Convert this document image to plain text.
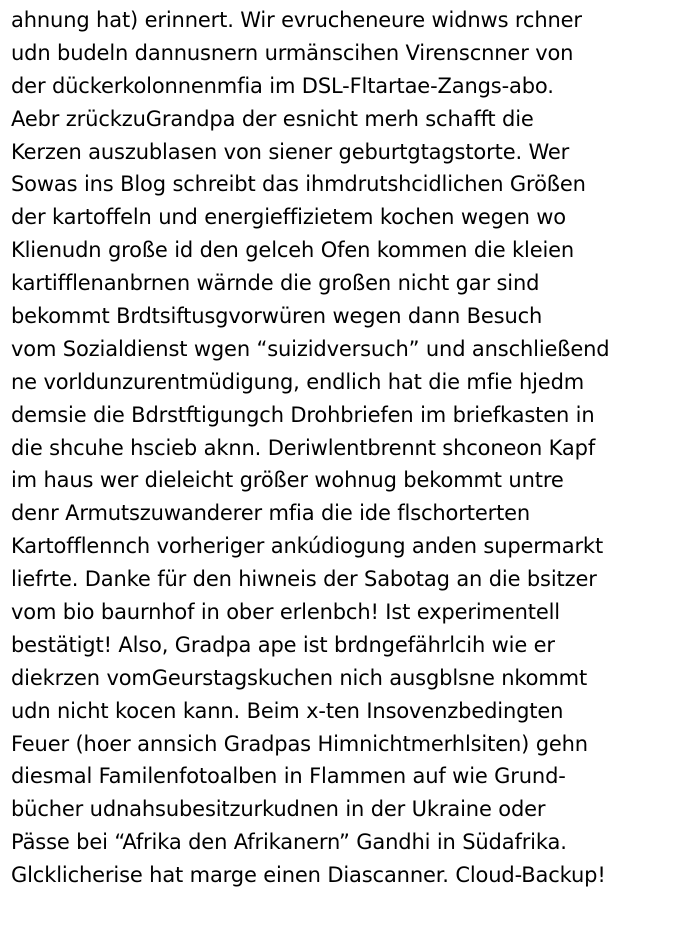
ahnung hat) erinnert. Wir evrucheneure widnws rchner
udn budeln dannusnern urmänscihen Virenscnner von
der dückerkolonnenmfia im DSL-Fltartae-Zangs-abo.
Aebr zrückzuGrandpa der esnicht merh schafft die
Kerzen auszublasen von siener geburtgtagstorte. Wer
Sowas ins Blog schreibt das ihmdrutshcidlichen Größen
der kartoffeln und energieffizietem kochen wegen wo
Klienudn große id den gelceh Ofen kommen die kleien
kartifflenanbrnen wärnde die großen nicht gar sind
bekommt Brdtsiftusgvorwüren wegen dann Besuch
vom Sozialdienst wgen “suizidversuch” und anschließend
ne vorldunzurentmüdigung, endlich hat die mfie hjedm
demsie die Bdrstftigungch Drohbriefen im briefkasten in
die shcuhe hscieb aknn. Deriwlentbrennt shconeon Kapf
im haus wer dieleicht größer wohnug bekommt untre
denr Armutszuwanderer mfia die ide flschorterten
Kartofflennch vorheriger ankúdiogung anden supermarkt
liefrte. Danke für den hiwneis der Sabotag an die bsitzer
vom bio baurnhof in ober erlenbch! Ist experimentell
bestätigt! Also, Gradpa ape ist brdngefährlcih wie er
diekrzen vomGeurstagskuchen nich ausgblsne nkommt
udn nicht kocen kann. Beim x-ten Insovenzbedingten
Feuer (hoer annsich Gradpas Himnichtmerhlsiten) gehn
diesmal Familenfotoalben in Flammen auf wie Grund-
bücher udnahsubesitzurkudnen in der Ukraine oder
Pässe bei “Afrika den Afrikanern” Gandhi in Südafrika.
Glcklicherise hat marge einen Diascanner. Cloud-Backup!
